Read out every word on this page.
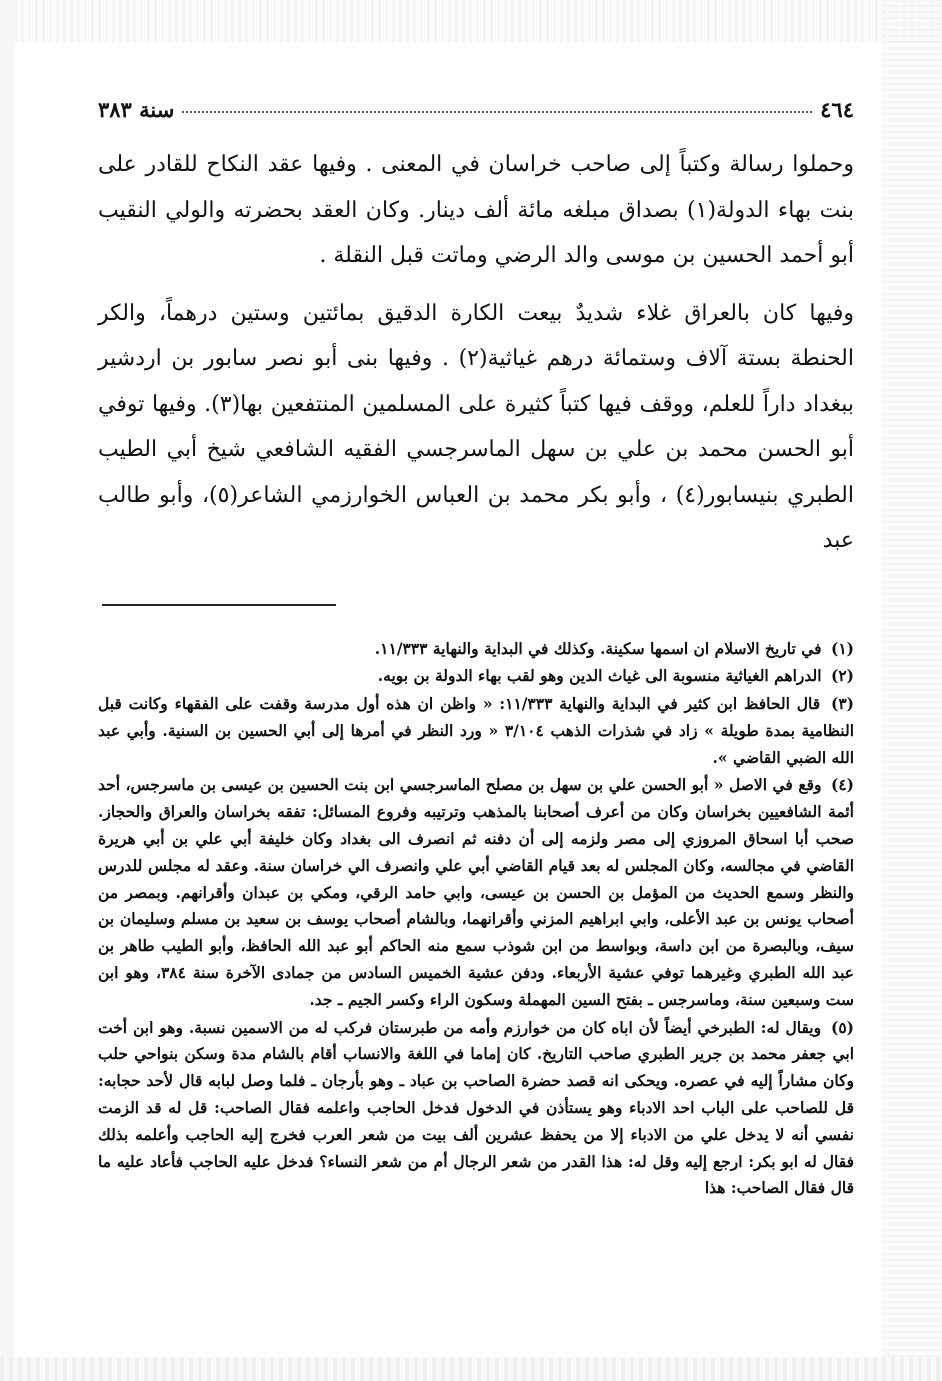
٤٦٤
سنة ٣٨٣

وحملوا رسالة وكتباً إلى صاحب خراسان في المعنى . وفيها عقد النكاح للقادر على بنت بهاء الدولة(١) بصداق مبلغه مائة ألف دينار. وكان العقد بحضرته والولي النقيب أبو أحمد الحسين بن موسى والد الرضي وماتت قبل النقلة .

وفيها كان بالعراق غلاء شديدٌ بيعت الكارة الدقيق بمائتين وستين درهماً، والكر الحنطة بستة آلاف وستمائة درهم غياثية(٢) . وفيها بنى أبو نصر سابور بن اردشير ببغداد داراً للعلم، ووقف فيها كتباً كثيرة على المسلمين المنتفعين بها(٣). وفيها توفي أبو الحسن محمد بن علي بن سهل الماسرجسي الفقيه الشافعي شيخ أبي الطيب الطبري بنيسابور(٤) ، وأبو بكر محمد بن العباس الخوارزمي الشاعر(٥)، وأبو طالب عبد

(١) في تاريخ الاسلام ان اسمها سكينة. وكذلك في البداية والنهاية ١١/٣٣٣.
(٢) الدراهم الغياثية منسوبة الى غياث الدين وهو لقب بهاء الدولة بن بويه.
(٣) قال الحافظ ابن كثير في البداية والنهاية ١١/٣٣٣: « واظن ان هذه أول مدرسة وقفت على الفقهاء وكانت قبل النظامية بمدة طويلة » زاد في شذرات الذهب ٣/١٠٤ « ورد النظر في أمرها إلى أبي الحسين بن السنية. وأبي عبد الله الضبي القاضي ».
(٤) وقع في الاصل « أبو الحسن علي بن سهل بن مصلح الماسرجسي ابن بنت الحسين بن عيسى بن ماسرجس، أحد أئمة الشافعيين بخراسان وكان من أعرف أصحابنا بالمذهب وترتيبه وفروع المسائل: تفقه بخراسان والعراق والحجاز. صحب أبا اسحاق المروزي إلى مصر ولزمه إلى أن دفنه ثم انصرف الى بغداد وكان خليفة أبي علي بن أبي هريرة القاضي في مجالسه، وكان المجلس له بعد قيام القاضي أبي علي وانصرف الي خراسان سنة. وعقد له مجلس للدرس والنظر وسمع الحديث من المؤمل بن الحسن بن عيسى، وابي حامد الرقي، ومكي بن عبدان وأقرانهم. وبمصر من أصحاب يونس بن عبد الأعلى، وابي ابراهيم المزني وأقرانهما، وبالشام أصحاب يوسف بن سعيد بن مسلم وسليمان بن سيف، وبالبصرة من ابن داسة، وبواسط من ابن شوذب سمع منه الحاكم أبو عبد الله الحافظ، وأبو الطيب طاهر بن عبد الله الطبري وغيرهما توفي عشية الأربعاء. ودفن عشية الخميس السادس من جمادى الآخرة سنة ٣٨٤، وهو ابن ست وسبعين سنة، وماسرجس ـ بفتح السين المهملة وسكون الراء وكسر الجيم ـ جد.
(٥) ويقال له: الطبرخي أيضاً لأن اباه كان من خوارزم وأمه من طبرستان فركب له من الاسمين نسبة. وهو ابن أخت ابي جعفر محمد بن جرير الطبري صاحب التاريخ. كان إماما في اللغة والانساب أقام بالشام مدة وسكن بنواحي حلب وكان مشاراً إليه في عصره. ويحكى انه قصد حضرة الصاحب بن عباد ـ وهو بأرجان ـ فلما وصل لبابه قال لأحد حجابه: قل للصاحب على الباب احد الادباء وهو يستأذن في الدخول فدخل الحاجب واعلمه فقال الصاحب: قل له قد الزمت نفسي أنه لا يدخل علي من الادباء إلا من يحفظ عشرين ألف بيت من شعر العرب فخرج إليه الحاجب وأعلمه بذلك فقال له ابو بكر: ارجع إليه وقل له: هذا القدر من شعر الرجال أم من شعر النساء؟ فدخل عليه الحاجب فأعاد عليه ما قال فقال الصاحب: هذا
